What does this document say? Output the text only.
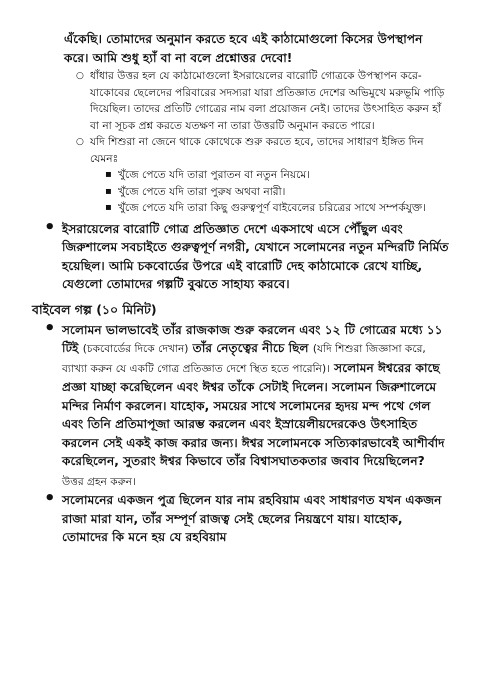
এঁকেছি। তোমাদের অনুমান করতে হবে এই কাঠামোগুলো কিসের উপস্থাপন করে। আমি শুধু হ্যাঁ বা না বলে প্রশ্নোত্তর দেবো!

○ ধাঁধার উত্তর হল যে কাঠামোগুলো ইসরায়েলের বারোটি গোত্রকে উপস্থাপন করে- যাকোবের ছেলেদের পরিবারের সদস্যরা যারা প্রতিজ্ঞাত দেশের অভিমুখে মরুভূমি পাড়ি দিয়েছিল। তাদের প্রতিটি গোত্রের নাম বলা প্রয়োজন নেই। তাদের উৎসাহিত করুন হাঁ বা না সূচক প্রশ্ন করতে যতক্ষণ না তারা উত্তরটি অনুমান করতে পারে।
○ যদি শিশুরা না জেনে থাকে কোথেকে শুরু করতে হবে, তাদের সাধারণ ইঙ্গিত দিন যেমনঃ
▪ খুঁজে পেতে যদি তারা পুরাতন বা নতুন নিয়মে।
▪ খুঁজে পেতে যদি তারা পুরুষ অথবা নারী।
▪ খুঁজে পেতে যদি তারা কিছু গুরুত্বপূর্ণ বাইবেলের চরিত্রের সাথে সম্পর্কযুক্ত।
• ইসরায়েলের বারোটি গোত্র প্রতিজ্ঞাত দেশে একসাথে এসে পৌঁছুল এবং জিরুশালেম সবচাইতে গুরুত্বপূর্ণ নগরী, যেখানে সলোমনের নতুন মন্দিরটি নির্মিত হয়েছিল। আমি চকবোর্ডের উপরে এই বারোটি দেহ কাঠামোকে রেখে যাচ্ছি, যেগুলো তোমাদের গল্পটি বুঝতে সাহায্য করবে।
বাইবেল গল্প (১০ মিনিট)
• সলোমন ভালভাবেই তাঁর রাজকাজ শুরু করলেন এবং ১২ টি গোত্রের মধ্যে ১১ টিই (চকবোর্ডের দিকে দেখান) তাঁর নেতৃত্বের নীচে ছিল (যদি শিশুরা জিজ্ঞাসা করে, ব্যাখ্যা করুন যে একটি গোত্র প্রতিজ্ঞাত দেশে স্থিত হতে পারেনি)। সলোমন ঈশ্বরের কাছে প্রজ্ঞা যাচ্ছা করেছিলেন এবং ঈশ্বর তাঁকে সেটাই দিলেন। সলোমন জিরুশালেমে মন্দির নির্মাণ করলেন। যাহোক, সময়ের সাথে সলোমনের হৃদয় মন্দ পথে গেল এবং তিনি প্রতিমাপূজা আরম্ভ করলেন এবং ইস্রায়েলীয়দেরকেও উৎসাহিত করলেন সেই একই কাজ করার জন্য। ঈশ্বর সলোমনকে সত্যিকারভাবেই আশীর্বাদ করেছিলেন, সুতরাং ঈশ্বর কিভাবে তাঁর বিশ্বাসঘাতকতার জবাব দিয়েছিলেন? উত্তর গ্রহন করুন।
• সলোমনের একজন পুত্র ছিলেন যার নাম রহবিয়াম এবং সাধারণত যখন একজন রাজা মারা যান, তাঁর সম্পূর্ণ রাজত্ব সেই ছেলের নিয়ন্ত্রণে যায়। যাহোক, তোমাদের কি মনে হয় যে রহবিয়াম
